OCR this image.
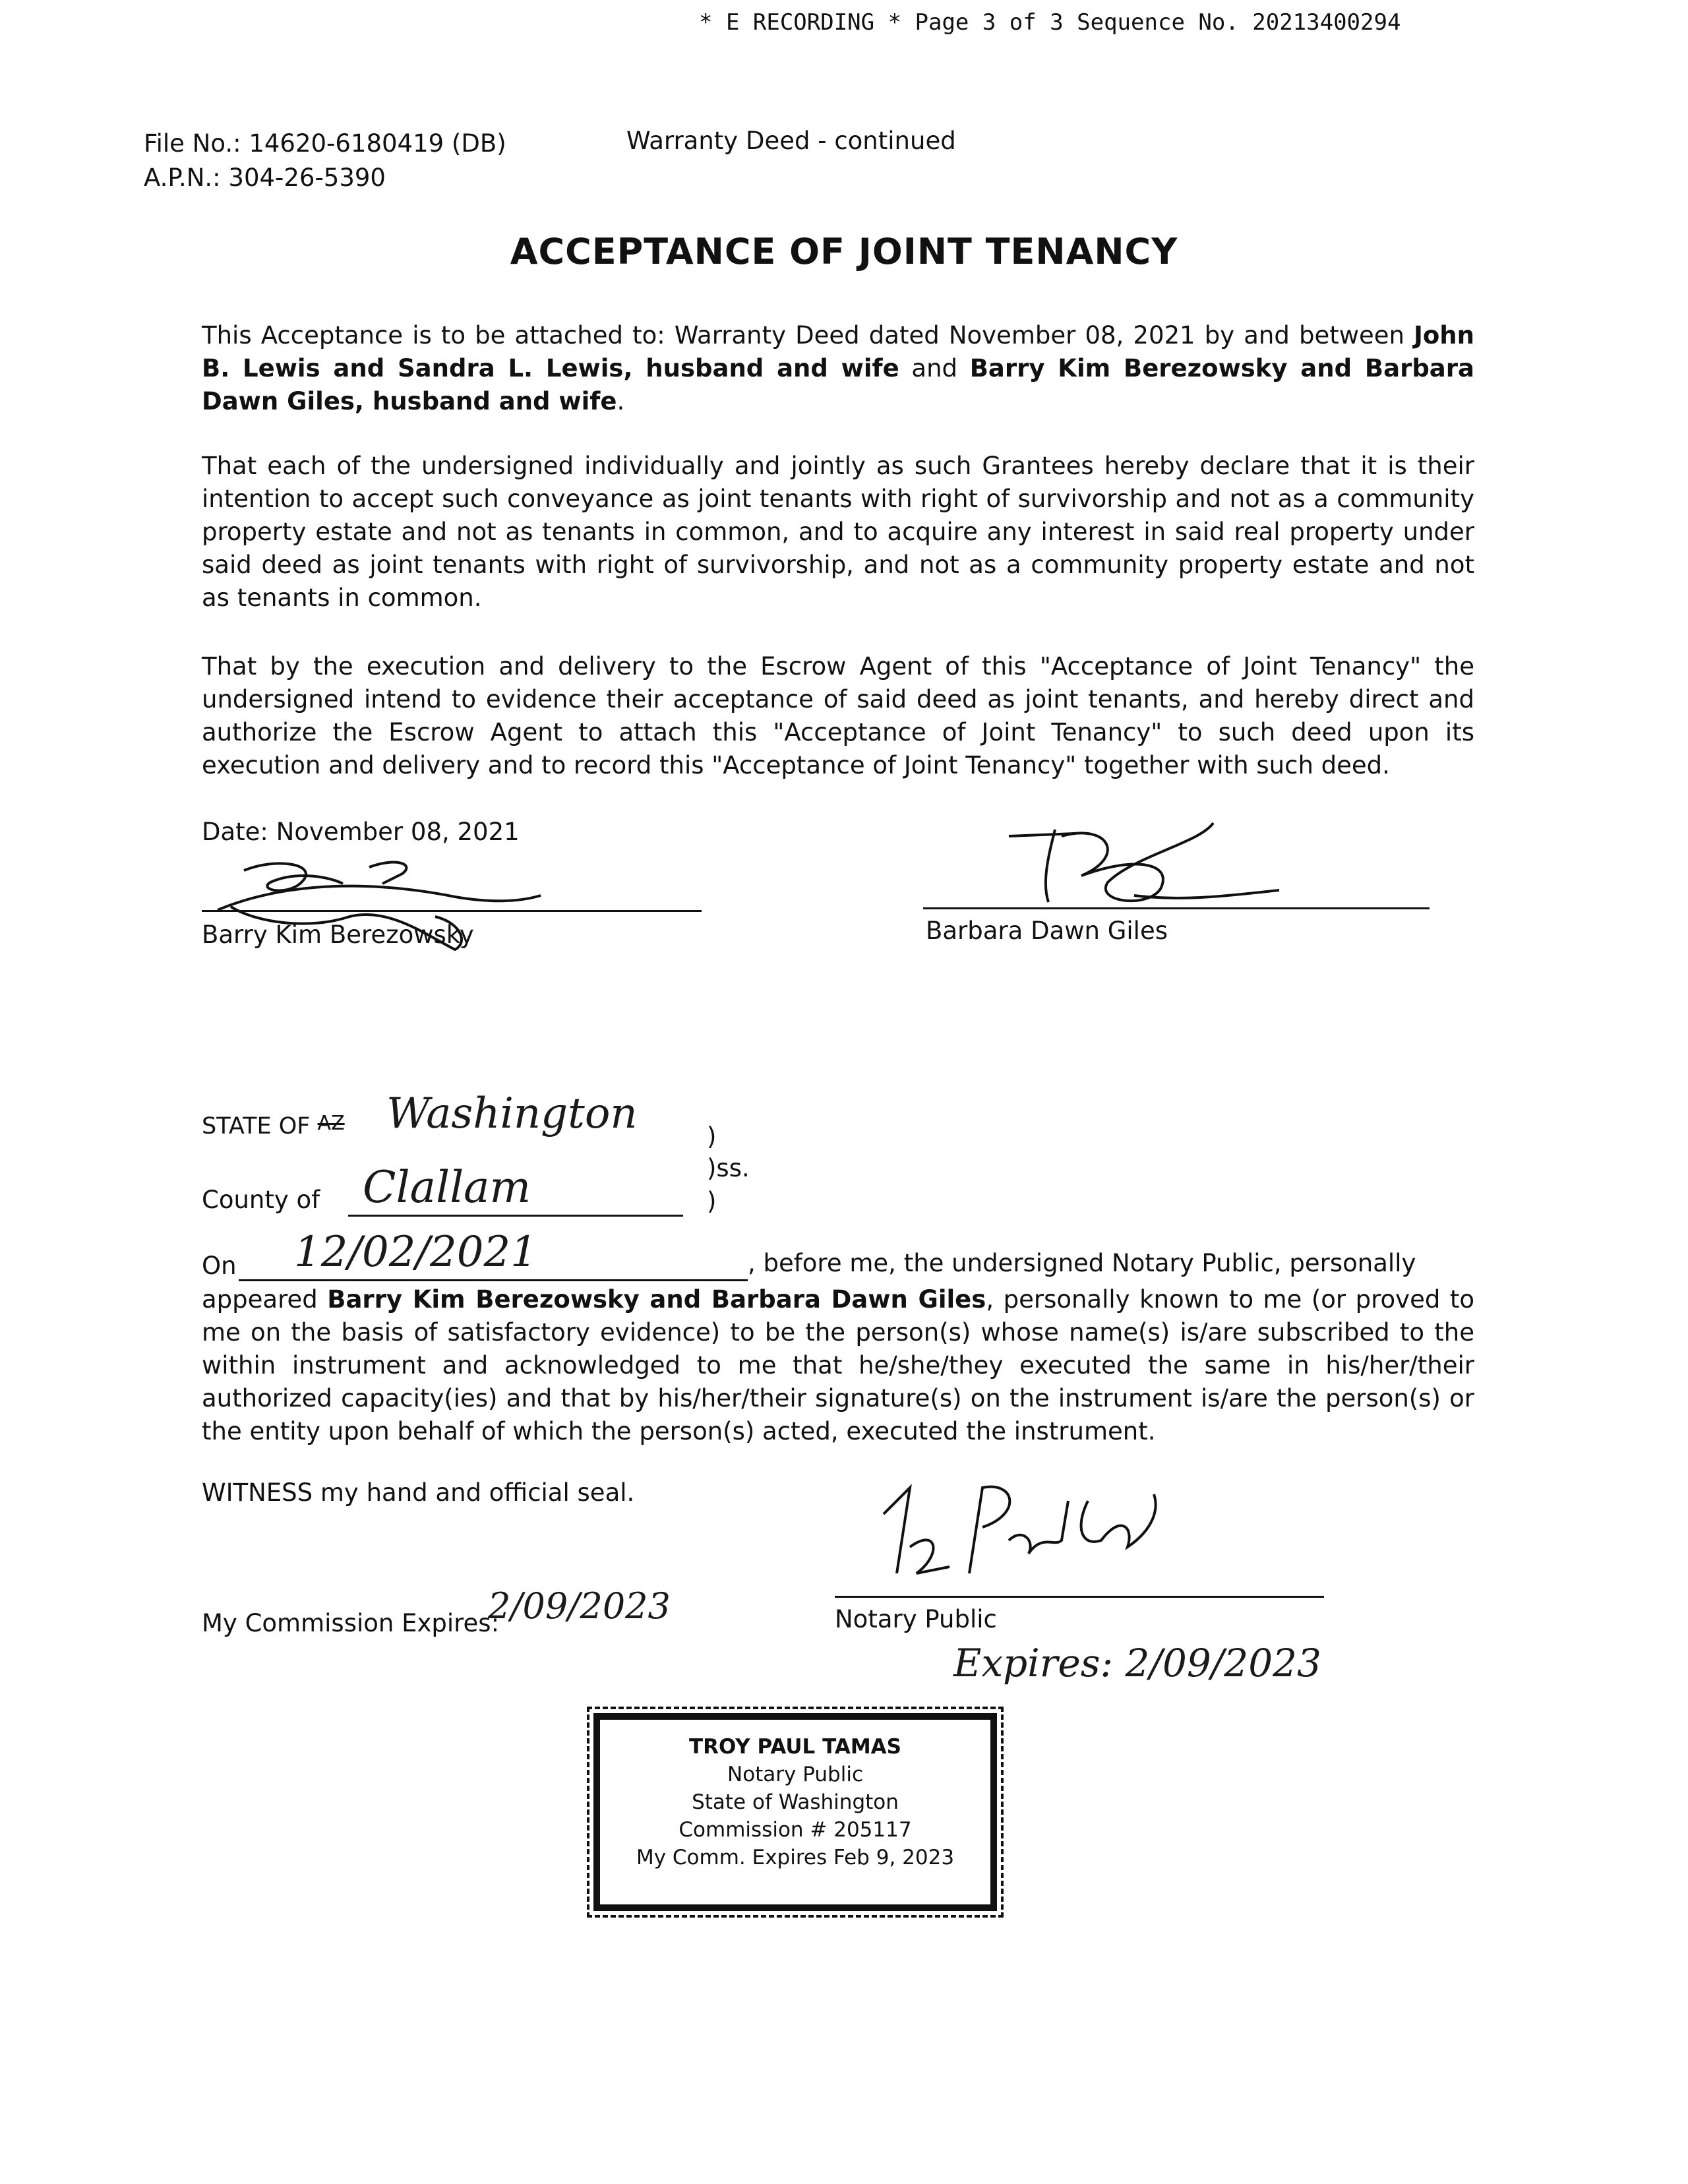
* E RECORDING * Page 3 of 3 Sequence No. 20213400294
File No.: 14620-6180419 (DB)
A.P.N.: 304-26-5390
Warranty Deed - continued
ACCEPTANCE OF JOINT TENANCY
This Acceptance is to be attached to: Warranty Deed dated November 08, 2021 by and between John B. Lewis and Sandra L. Lewis, husband and wife and Barry Kim Berezowsky and Barbara Dawn Giles, husband and wife.
That each of the undersigned individually and jointly as such Grantees hereby declare that it is their intention to accept such conveyance as joint tenants with right of survivorship and not as a community property estate and not as tenants in common, and to acquire any interest in said real property under said deed as joint tenants with right of survivorship, and not as a community property estate and not as tenants in common.
That by the execution and delivery to the Escrow Agent of this "Acceptance of Joint Tenancy" the undersigned intend to evidence their acceptance of said deed as joint tenants, and hereby direct and authorize the Escrow Agent to attach this "Acceptance of Joint Tenancy" to such deed upon its execution and delivery and to record this "Acceptance of Joint Tenancy" together with such deed.
Date: November 08, 2021
Barry Kim Berezowsky	Barbara Dawn Giles
STATE OF AZ Washington	)
)ss.
)
County of Clallam
On 12/02/2021	, before me, the undersigned Notary Public, personally
appeared Barry Kim Berezowsky and Barbara Dawn Giles, personally known to me (or proved to me on the basis of satisfactory evidence) to be the person(s) whose name(s) is/are subscribed to the within instrument and acknowledged to me that he/she/they executed the same in his/her/their authorized capacity(ies) and that by his/her/their signature(s) on the instrument is/are the person(s) or the entity upon behalf of which the person(s) acted, executed the instrument.
WITNESS my hand and official seal.
Notary Public
My Commission Expires:
2/09/2023
Expires: 2/09/2023
TROY PAUL TAMAS
Notary Public
State of Washington
Commission # 205117
My Comm. Expires Feb 9, 2023
